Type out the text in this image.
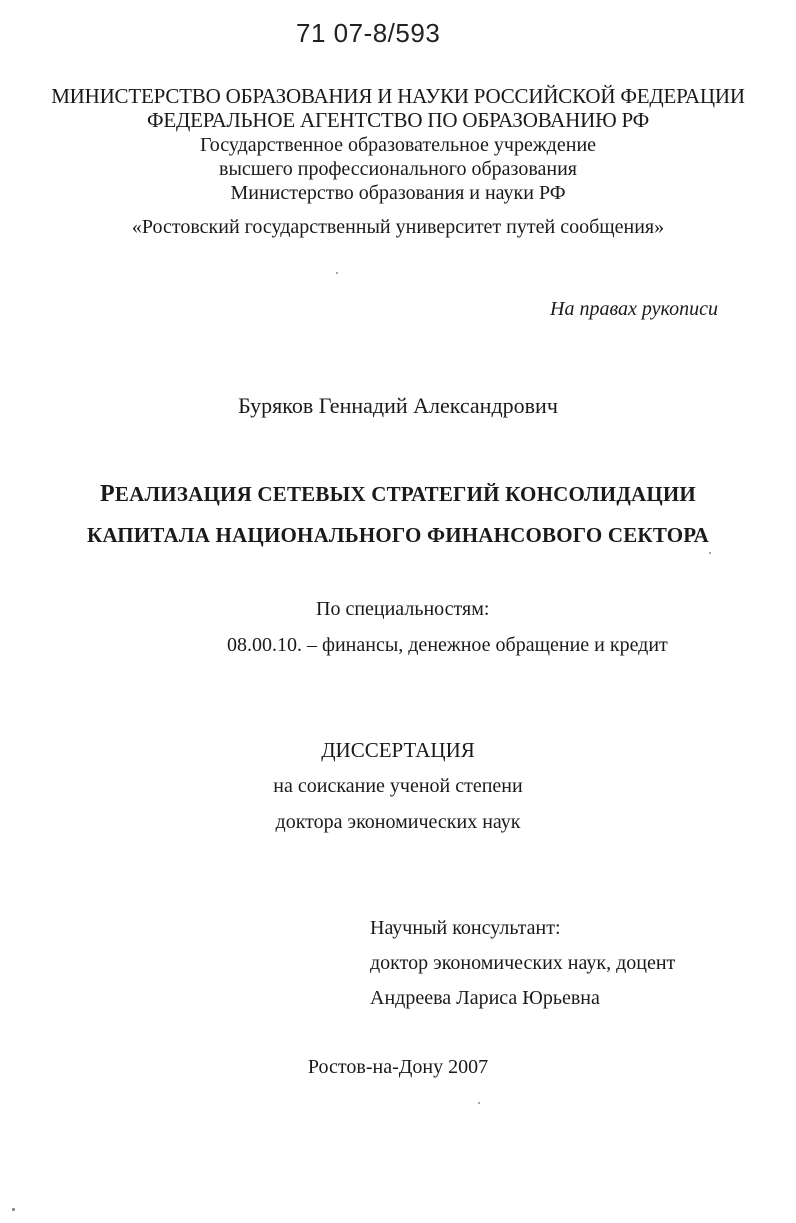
71 07-8/593
МИНИСТЕРСТВО ОБРАЗОВАНИЯ И НАУКИ РОССИЙСКОЙ ФЕДЕРАЦИИ
ФЕДЕРАЛЬНОЕ АГЕНТСТВО ПО ОБРАЗОВАНИЮ РФ
Государственное образовательное учреждение
высшего профессионального образования
Министерство образования и науки РФ
«Ростовский государственный университет путей сообщения»
На правах рукописи
Буряков Геннадий Александрович
РЕАЛИЗАЦИЯ СЕТЕВЫХ СТРАТЕГИЙ КОНСОЛИДАЦИИ
КАПИТАЛА НАЦИОНАЛЬНОГО ФИНАНСОВОГО СЕКТОРА
По специальностям:
08.00.10. – финансы, денежное обращение и кредит
ДИССЕРТАЦИЯ
на соискание ученой степени
доктора экономических наук
Научный консультант:
доктор экономических наук, доцент
Андреева Лариса Юрьевна
Ростов-на-Дону 2007
